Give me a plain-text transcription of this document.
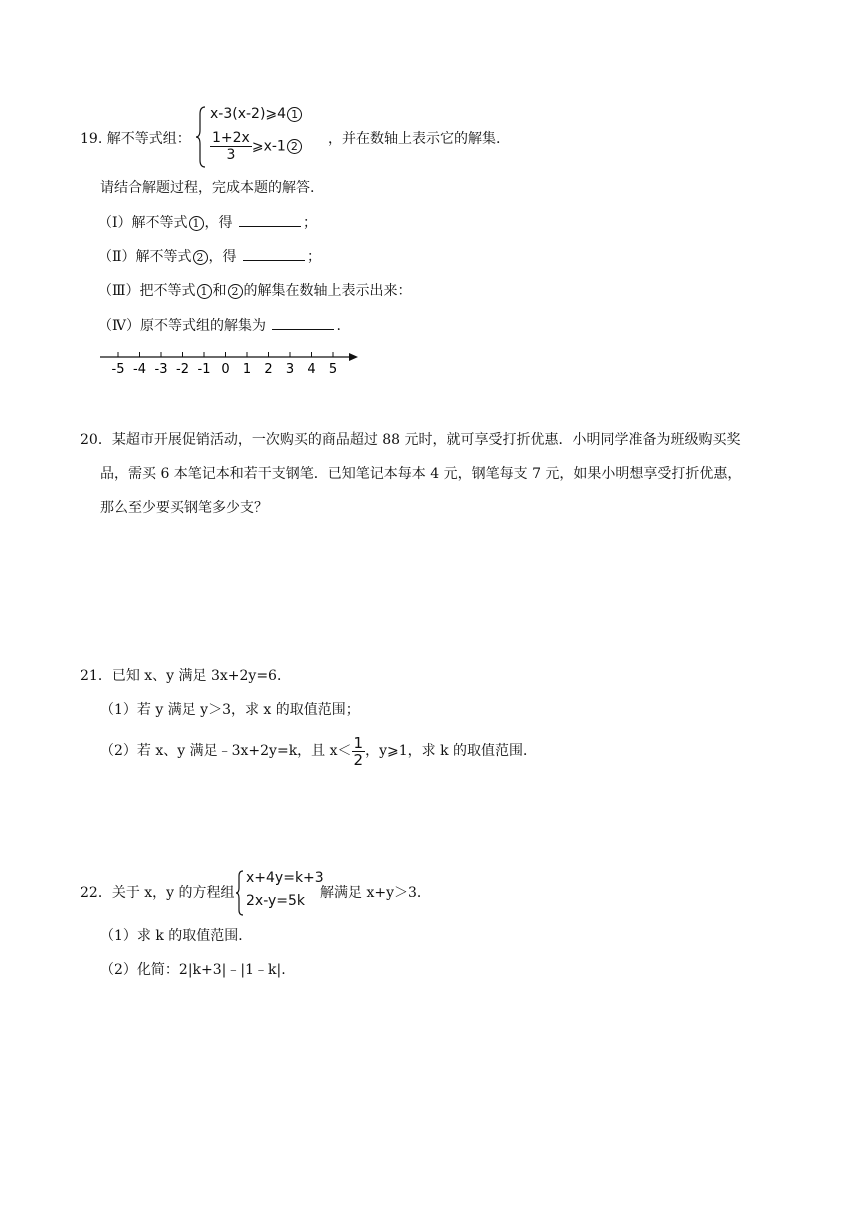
19. 解不等式组：
x-3(x-2)⩾4 1
$\frac{1+2x}{3}$ ⩾x-1 2	，并在数轴上表示它的解集.
请结合解题过程，完成本题的解答.
（Ⅰ）解不等式 1 ，得	；
（Ⅱ）解不等式 2 ，得	；
（Ⅲ）把不等式 1 和 2 的解集在数轴上表示出来：
（Ⅳ）原不等式组的解集为	.
-5 -4 -3 -2 -1 0 1 2 3 4 5
20．某超市开展促销活动，一次购买的商品超过 88 元时，就可享受打折优惠．小明同学准备为班级购买奖
品，需买 6 本笔记本和若干支钢笔．已知笔记本每本 4 元，钢笔每支 7 元，如果小明想享受打折优惠，
那么至少要买钢笔多少支？
21．已知 x、y 满足 3x+2y=6．
（1）若 y 满足 y＞3，求 x 的取值范围；
（2）若 x、y 满足﹣3x+2y=k，且 $x< \frac{1}{2}$ ，y⩾1，求 k 的取值范围．
22．关于 x，y 的方程组
x+4y=k+3
2x-y=5k 解满足 x+y＞3．
（1）求 k 的取值范围．
（2）化简：2|k+3|﹣|1﹣k|.
